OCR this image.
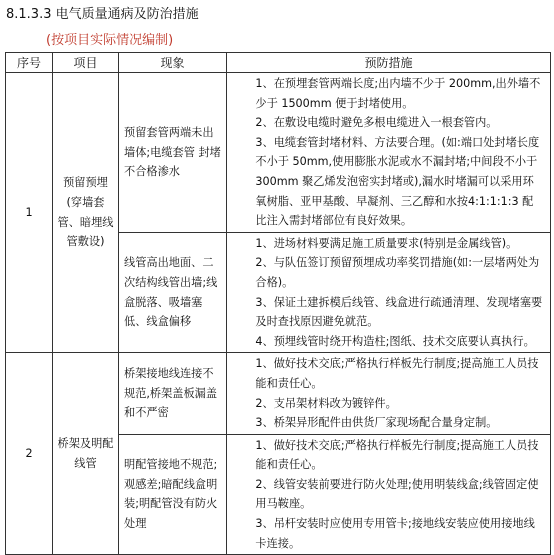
8.1.3.3 电气质量通病及防治措施
(按项目实际情况编制)
序号	项目	现象	预防措施
1	预留预埋(穿墙套管、暗埋线管敷设)	预留套管两端未出墙体;电缆套管 封堵不合格渗水	1、在预埋套管两端长度;出内墙不少于 200mm,出外墙不少于 1500mm 便于封堵使用。
2、在敷设电缆时避免多根电缆进入一根套管内。
3、电缆套管封堵材料、方法要合理。(如:端口处封堵长度不小于 50mm,使用膨胀水泥或水不漏封堵;中间段不小于 300mm 聚乙烯发泡密实封堵或),漏水时堵漏可以采用环氧树脂、亚甲基酸、早凝剂、三乙醇和水按4:1:1:1:3 配比注入需封堵部位有良好效果。

		线管高出地面、二次结构线管出墙;线盒脱落、吸墙塞低、线盒偏移	1、进场材料要满足施工质量要求(特别是金属线管)。
2、与队伍签订预留预埋成功率奖罚措施(如:一层堵两处为合格)。
3、保证土建拆模后线管、线盒进行疏通清理、发现堵塞要及时查找原因避免就范。
4、预埋线管时绕开构造柱;图纸、技术交底要认真执行。

2	桥架及明配线管	桥架接地线连接不规范,桥架盖板漏盖和不严密	1、做好技术交底;严格执行样板先行制度;提高施工人员技能和责任心。
2、支吊架材料改为镀锌件。
3、桥架异形配件由供货厂家现场配合量身定制。

		明配管接地不规范;观感差;暗配线盒明装;明配管没有防火处理	1、做好技术交底;严格执行样板先行制度;提高施工人员技能和责任心。
2、线管安装前要进行防火处理;使用明装线盒;线管固定使用马鞍座。
3、吊杆安装时应使用专用管卡;接地线安装应使用接地线卡连接。
